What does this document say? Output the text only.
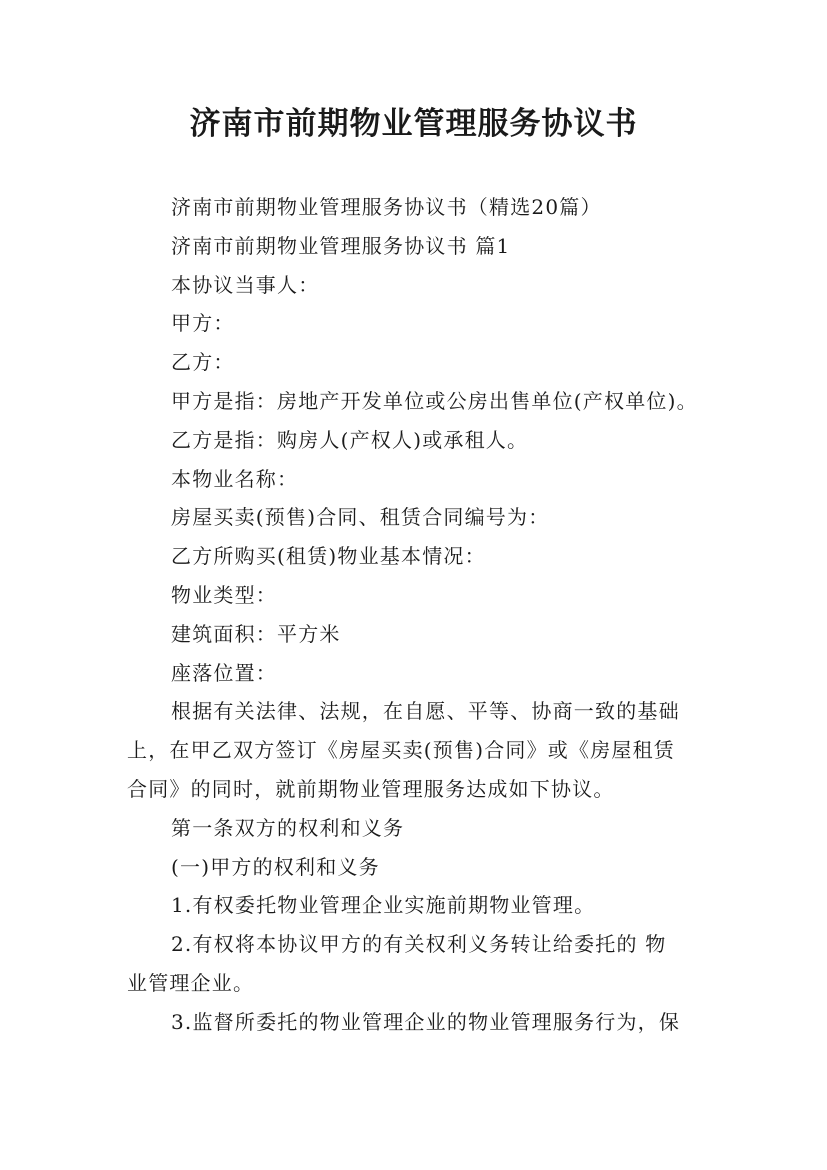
济南市前期物业管理服务协议书
济南市前期物业管理服务协议书（精选20篇）
济南市前期物业管理服务协议书 篇1
本协议当事人：
甲方：
乙方：
甲方是指：房地产开发单位或公房出售单位(产权单位)。
乙方是指：购房人(产权人)或承租人。
本物业名称：
房屋买卖(预售)合同、租赁合同编号为：
乙方所购买(租赁)物业基本情况：
物业类型：
建筑面积：平方米
座落位置：
根据有关法律、法规，在自愿、平等、协商一致的基础
上，在甲乙双方签订《房屋买卖(预售)合同》或《房屋租赁
合同》的同时，就前期物业管理服务达成如下协议。
第一条双方的权利和义务
(一)甲方的权利和义务
1.有权委托物业管理企业实施前期物业管理。
2.有权将本协议甲方的有关权利义务转让给委托的 物
业管理企业。
3.监督所委托的物业管理企业的物业管理服务行为，保
